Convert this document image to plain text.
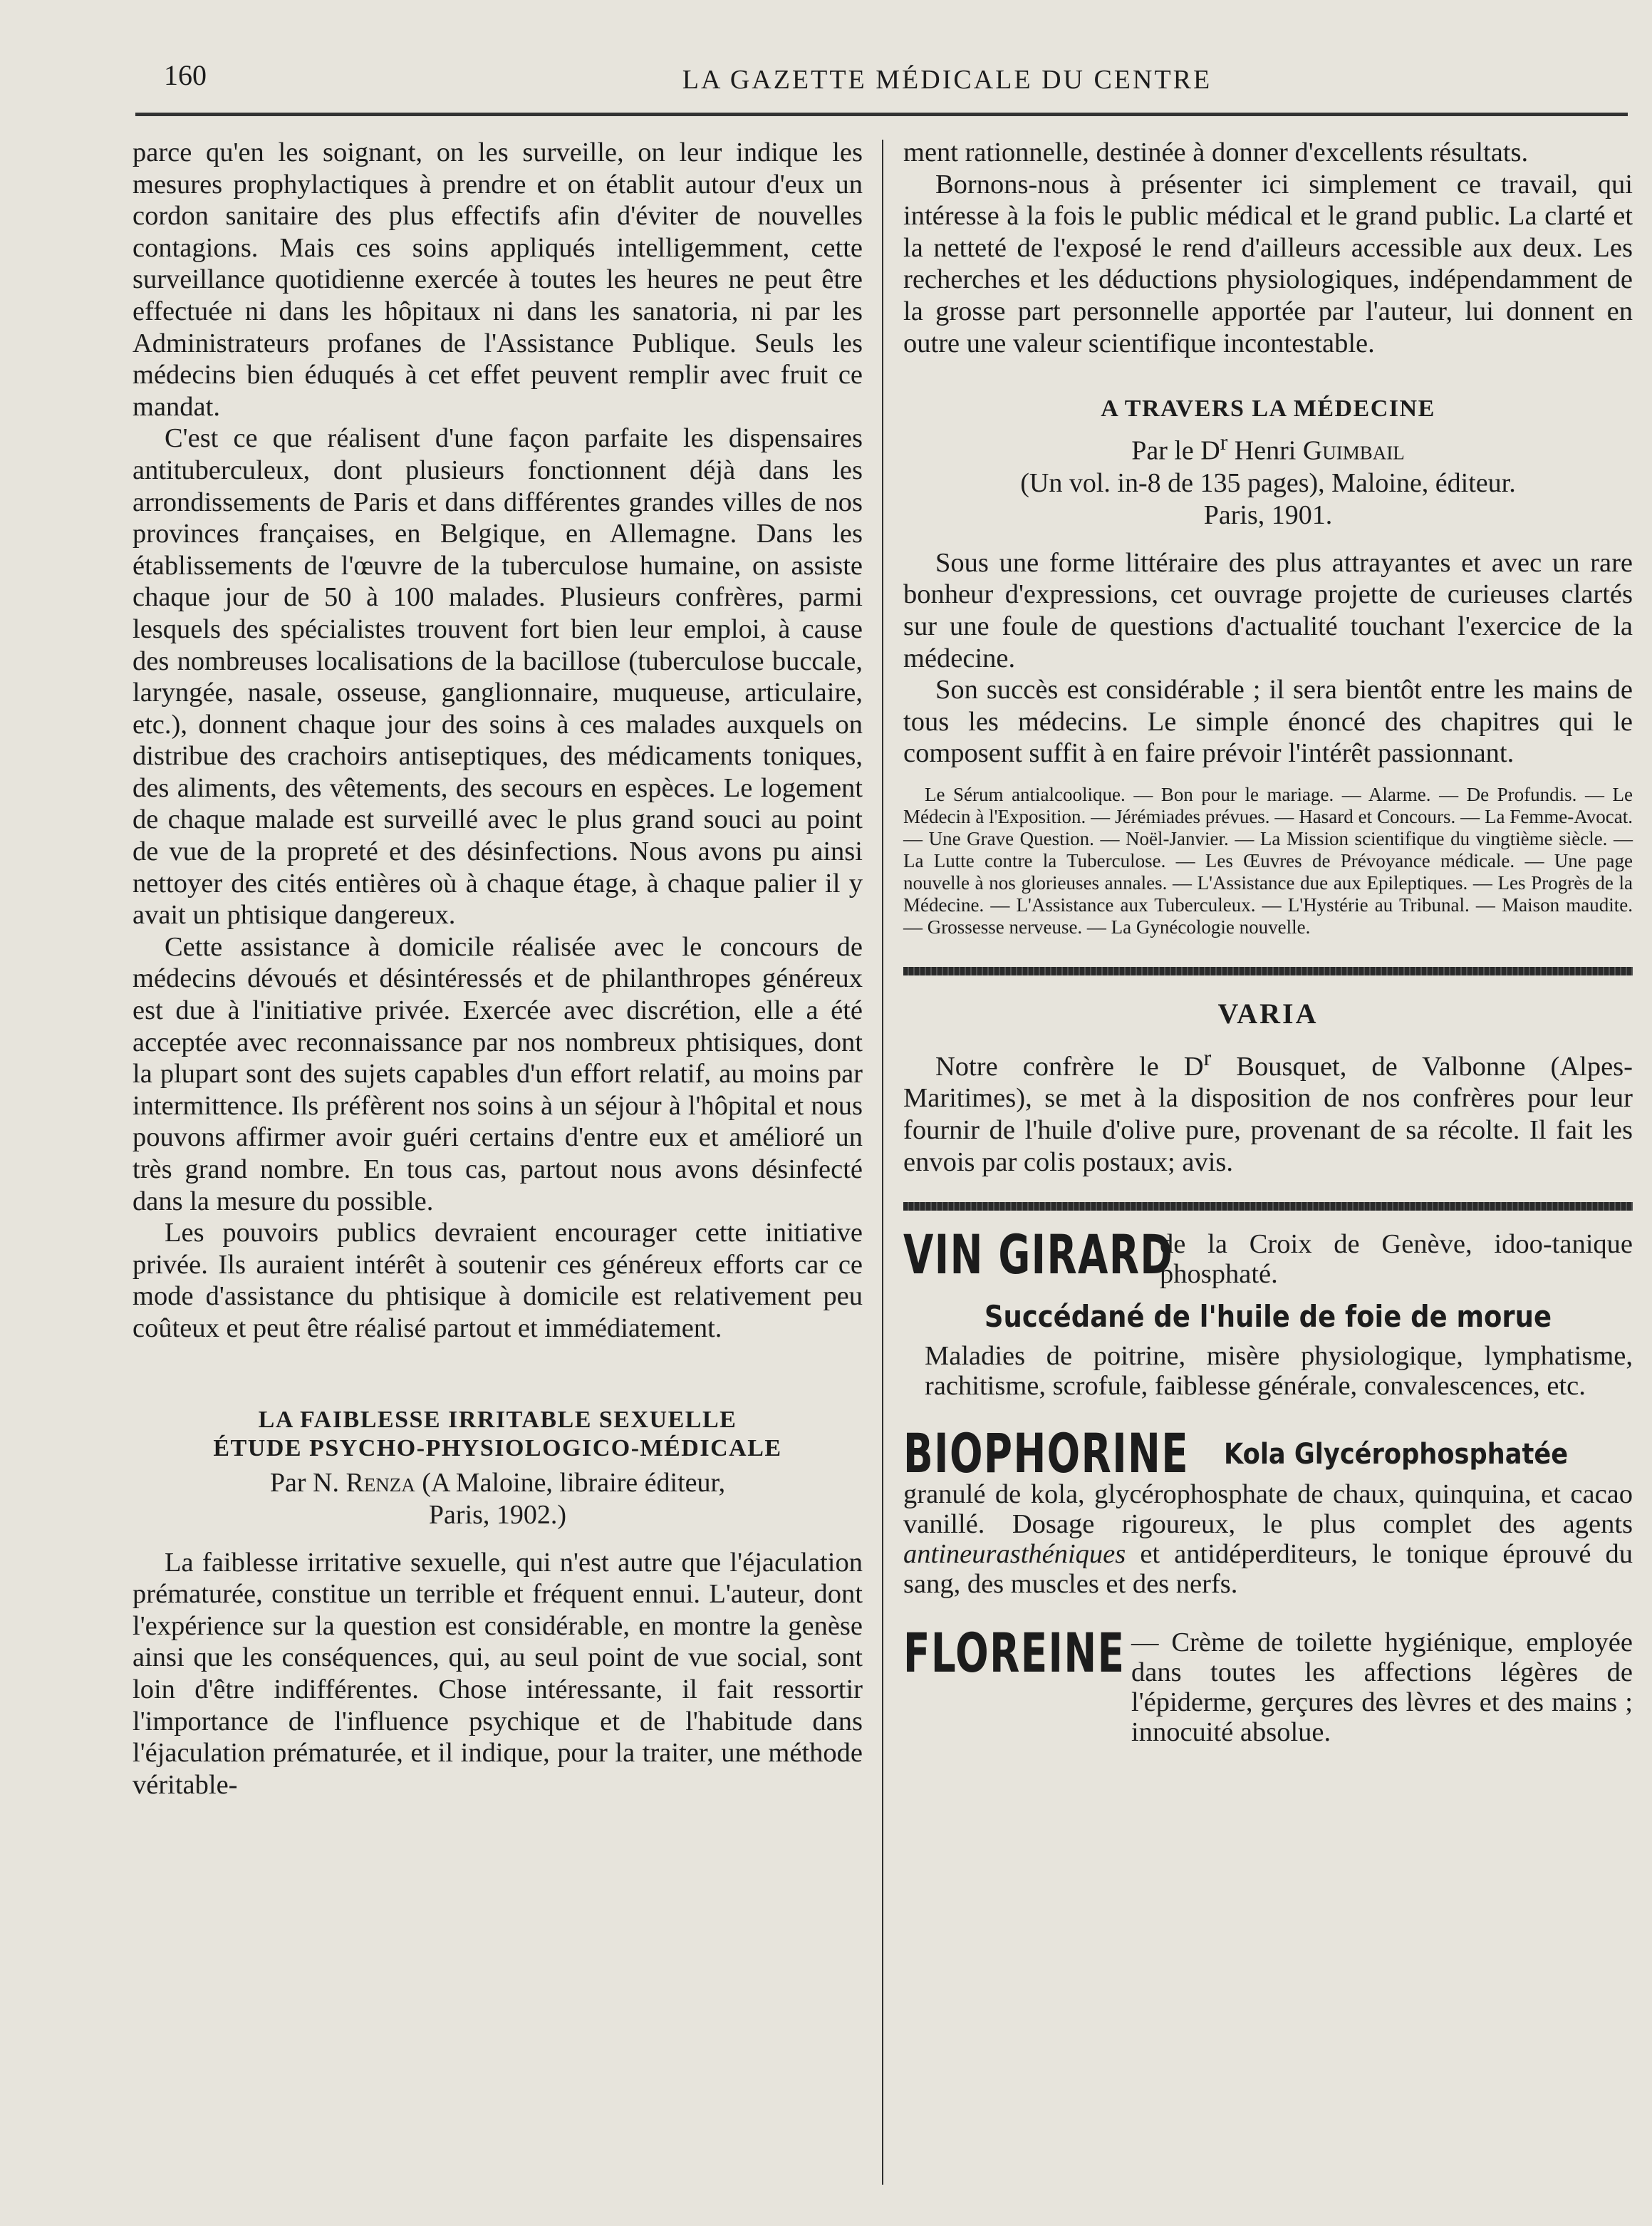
160	LA GAZETTE MÉDICALE DU CENTRE

parce qu'en les soignant, on les surveille, on leur indique les mesures prophylactiques à prendre et on établit autour d'eux un cordon sanitaire des plus effectifs afin d'éviter de nouvelles contagions. Mais ces soins appliqués intelligemment, cette surveillance quotidienne exercée à toutes les heures ne peut être effectuée ni dans les hôpitaux ni dans les sanatoria, ni par les Administrateurs profanes de l'Assistance Publique. Seuls les médecins bien éduqués à cet effet peuvent remplir avec fruit ce mandat.

C'est ce que réalisent d'une façon parfaite les dispensaires antituberculeux, dont plusieurs fonctionnent déjà dans les arrondissements de Paris et dans différentes grandes villes de nos provinces françaises, en Belgique, en Allemagne. Dans les établissements de l'œuvre de la tuberculose humaine, on assiste chaque jour de 50 à 100 malades. Plusieurs confrères, parmi lesquels des spécialistes trouvent fort bien leur emploi, à cause des nombreuses localisations de la bacillose (tuberculose buccale, laryngée, nasale, osseuse, ganglionnaire, muqueuse, articulaire, etc.), donnent chaque jour des soins à ces malades auxquels on distribue des crachoirs antiseptiques, des médicaments toniques, des aliments, des vêtements, des secours en espèces. Le logement de chaque malade est surveillé avec le plus grand souci au point de vue de la propreté et des désinfections. Nous avons pu ainsi nettoyer des cités entières où à chaque étage, à chaque palier il y avait un phtisique dangereux.

Cette assistance à domicile réalisée avec le concours de médecins dévoués et désintéressés et de philanthropes généreux est due à l'initiative privée. Exercée avec discrétion, elle a été acceptée avec reconnaissance par nos nombreux phtisiques, dont la plupart sont des sujets capables d'un effort relatif, au moins par intermittence. Ils préfèrent nos soins à un séjour à l'hôpital et nous pouvons affirmer avoir guéri certains d'entre eux et amélioré un très grand nombre. En tous cas, partout nous avons désinfecté dans la mesure du possible.

Les pouvoirs publics devraient encourager cette initiative privée. Ils auraient intérêt à soutenir ces généreux efforts car ce mode d'assistance du phtisique à domicile est relativement peu coûteux et peut être réalisé partout et immédiatement.

LA FAIBLESSE IRRITABLE SEXUELLE
ÉTUDE PSYCHO-PHYSIOLOGICO-MÉDICALE
Par N. Renza (A Maloine, libraire éditeur,
Paris, 1902.)

La faiblesse irritative sexuelle, qui n'est autre que l'éjaculation prématurée, constitue un terrible et fréquent ennui. L'auteur, dont l'expérience sur la question est considérable, en montre la genèse ainsi que les conséquences, qui, au seul point de vue social, sont loin d'être indifférentes. Chose intéressante, il fait ressortir l'importance de l'influence psychique et de l'habitude dans l'éjaculation prématurée, et il indique, pour la traiter, une méthode véritable-

ment rationnelle, destinée à donner d'excellents résultats.

Bornons-nous à présenter ici simplement ce travail, qui intéresse à la fois le public médical et le grand public. La clarté et la netteté de l'exposé le rend d'ailleurs accessible aux deux. Les recherches et les déductions physiologiques, indépendamment de la grosse part personnelle apportée par l'auteur, lui donnent en outre une valeur scientifique incontestable.

A TRAVERS LA MÉDECINE
Par le $D^r$ Henri Guimbail
(Un vol. in-8 de 135 pages), Maloine, éditeur.
Paris, 1901.

Sous une forme littéraire des plus attrayantes et avec un rare bonheur d'expressions, cet ouvrage projette de curieuses clartés sur une foule de questions d'actualité touchant l'exercice de la médecine.

Son succès est considérable ; il sera bientôt entre les mains de tous les médecins. Le simple énoncé des chapitres qui le composent suffit à en faire prévoir l'intérêt passionnant.

Le Sérum antialcoolique. — Bon pour le mariage. — Alarme. — De Profundis. — Le Médecin à l'Exposition. — Jérémiades prévues. — Hasard et Concours. — La Femme-Avocat. — Une Grave Question. — Noël-Janvier. — La Mission scientifique du vingtième siècle. — La Lutte contre la Tuberculose. — Les Œuvres de Prévoyance médicale. — Une page nouvelle à nos glorieuses annales. — L'Assistance due aux Epileptiques. — Les Progrès de la Médecine. — L'Assistance aux Tuberculeux. — L'Hystérie au Tribunal. — Maison maudite. — Grossesse nerveuse. — La Gynécologie nouvelle.
VARIA

Notre confrère le $D^r$ Bousquet, de Valbonne (Alpes-Maritimes), se met à la disposition de nos confrères pour leur fournir de l'huile d'olive pure, provenant de sa récolte. Il fait les envois par colis postaux; avis.

VIN GIRARD
de la Croix de Genève, idoo-tanique phosphaté.
Succédané de l'huile de foie de morue
Maladies de poitrine, misère physiologique, lymphatisme, rachitisme, scrofule, faiblesse générale, convalescences, etc.
BIOPHORINE Kola Glycérophosphatée
granulé de kola, glycérophosphate de chaux, quinquina, et cacao vanillé. Dosage rigoureux, le plus complet des agents antineurasthéniques et antidéperditeurs, le tonique éprouvé du sang, des muscles et des nerfs.
FLOREINE — Crème de toilette hygiénique, employée dans toutes les affections légères de l'épiderme, gerçures des lèvres et des mains ; innocuité absolue.
